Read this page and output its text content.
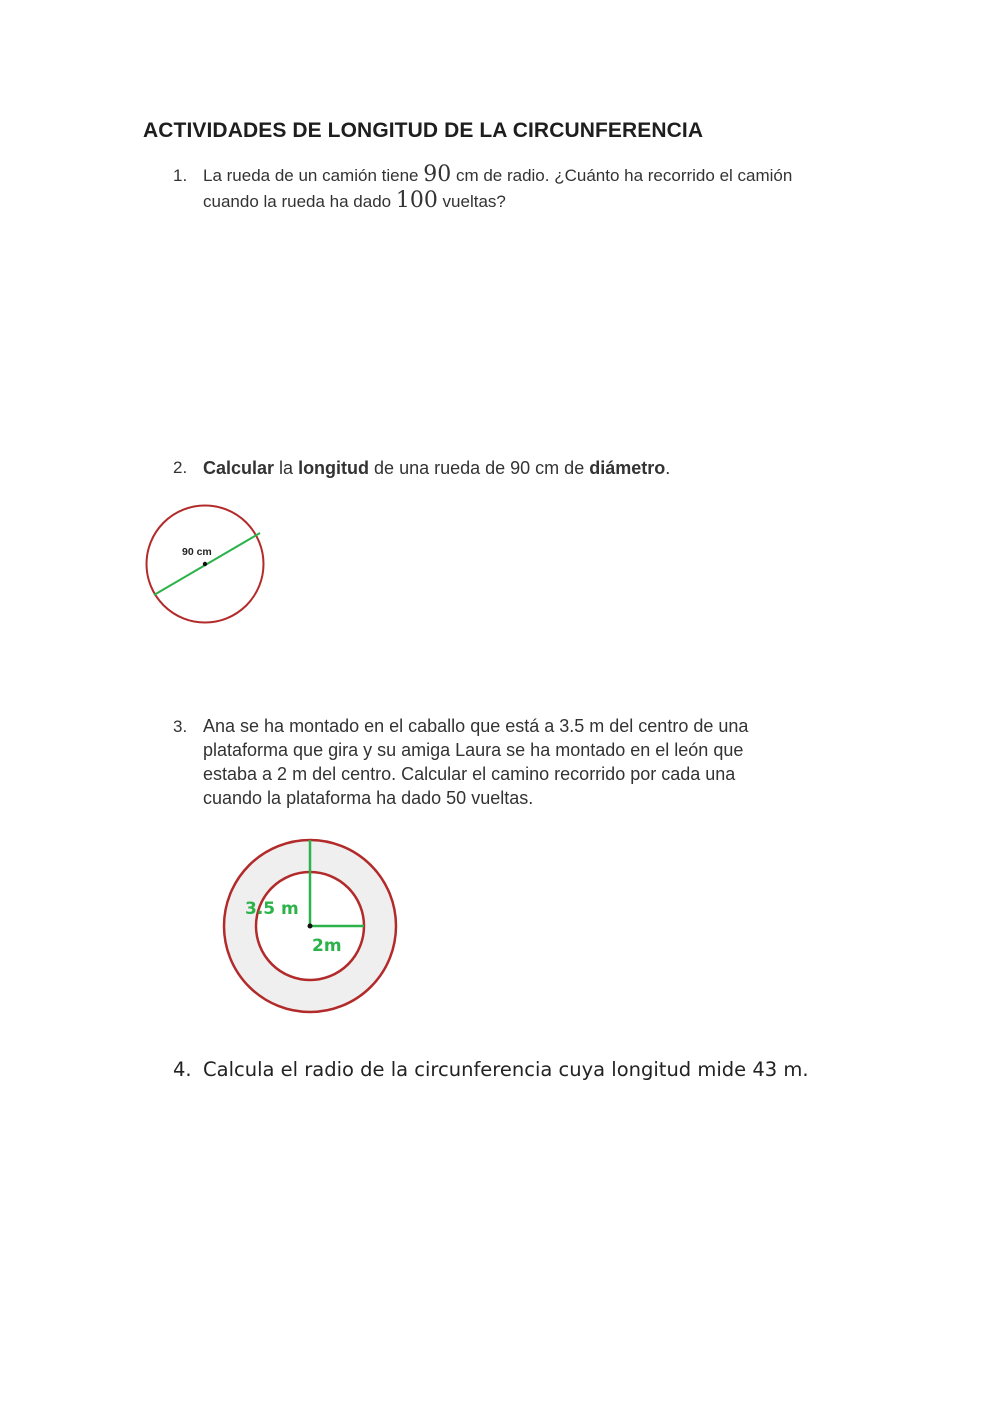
ACTIVIDADES DE LONGITUD DE LA CIRCUNFERENCIA
1. La rueda de un camión tiene 90 cm de radio. ¿Cuánto ha recorrido el camión
cuando la rueda ha dado 100 vueltas?
2. Calcular la longitud de una rueda de 90 cm de diámetro.
90 cm
3. Ana se ha montado en el caballo que está a 3.5 m del centro de una
plataforma que gira y su amiga Laura se ha montado en el león que
estaba a 2 m del centro. Calcular el camino recorrido por cada una
cuando la plataforma ha dado 50 vueltas.
3.5 m
2m
4. Calcula el radio de la circunferencia cuya longitud mide 43 m.
